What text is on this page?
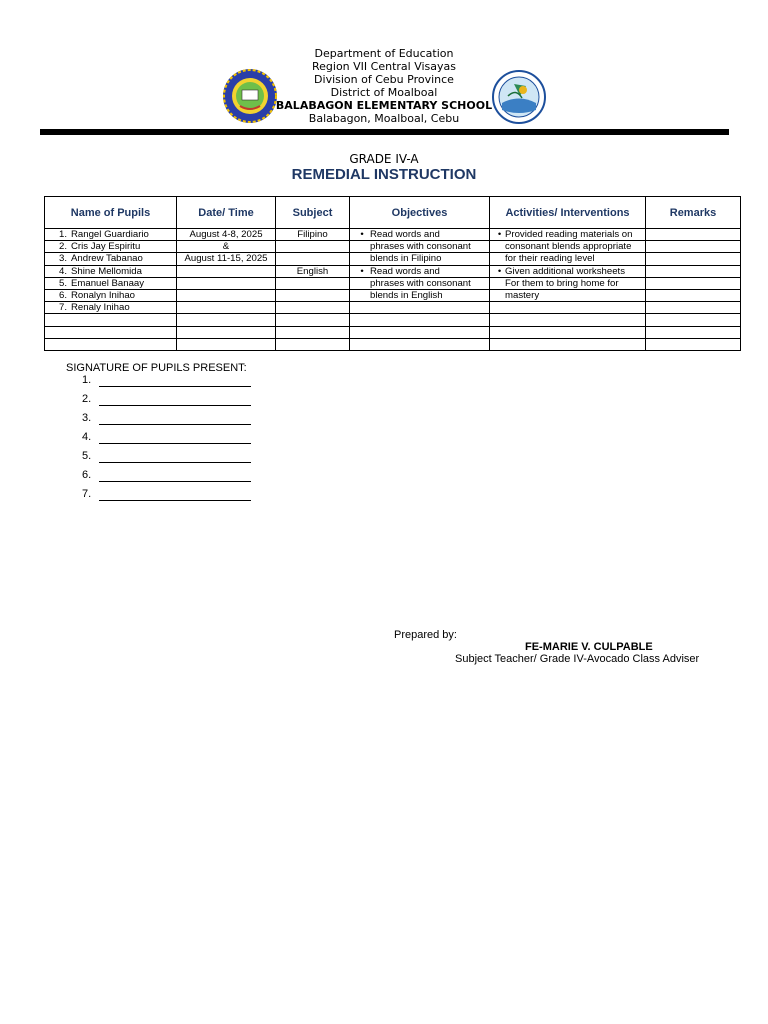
Department of Education
Region VII Central Visayas
Division of Cebu Province
District of Moalboal
BALABAGON ELEMENTARY SCHOOL
Balabagon, Moalboal, Cebu
GRADE IV-A
REMEDIAL INSTRUCTION
Name of Pupils	Date/ Time	Subject	Objectives	Activities/ Interventions	Remarks
1. Rangel Guardiario	August 4-8, 2025	Filipino	• Read words and	• Provided reading materials on	
2. Cris Jay Espiritu	&		phrases with consonant	consonant blends appropriate	
3. Andrew Tabanao	August 11-15, 2025		blends in Filipino	for their reading level	
4. Shine Mellomida		English	• Read words and	• Given additional worksheets	
5. Emanuel Banaay			phrases with consonant	For them to bring home for	
6. Ronalyn Inihao			blends in English	mastery	
7. Renaly Inihao					

SIGNATURE OF PUPILS PRESENT:
1.
2.
3.
4.
5.
6.
7.
Prepared by:
FE-MARIE V. CULPABLE
Subject Teacher/ Grade IV-Avocado Class Adviser
